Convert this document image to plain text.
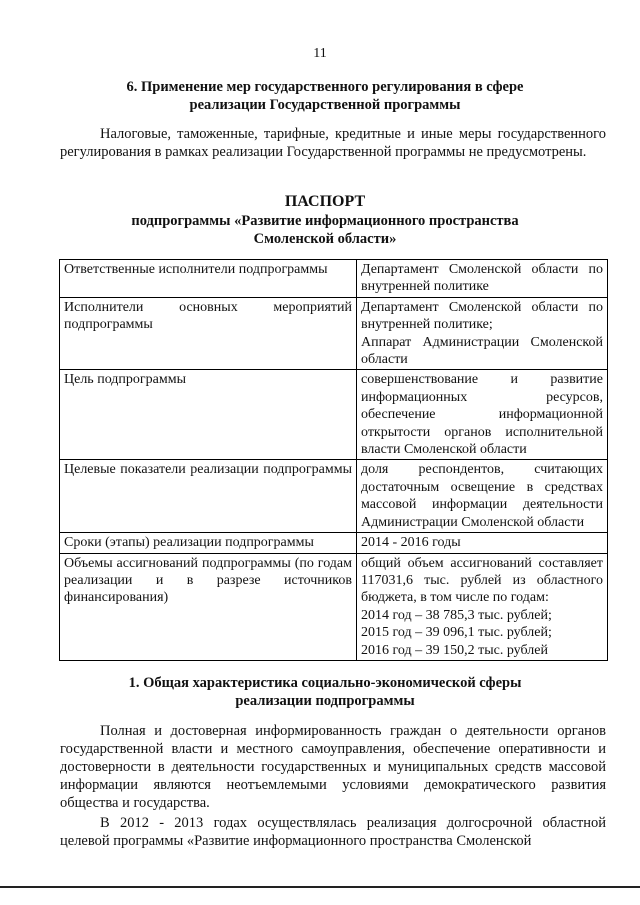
11
6. Применение мер государственного регулирования в сфере
реализации Государственной программы

Налоговые, таможенные, тарифные, кредитные и иные меры государственного регулирования в рамках реализации Государственной программы не предусмотрены.

ПАСПОРТ
подпрограммы «Развитие информационного пространства
Смоленской области»
Ответственные исполнители подпрограммы	Департамент Смоленской области по внутренней политике

Исполнители основных мероприятий подпрограммы	Департамент Смоленской области по внутренней политике;
Аппарат Администрации Смоленской области

Цель подпрограммы	совершенствование и развитие информационных ресурсов, обеспечение информационной открытости органов исполнительной власти Смоленской области

Целевые показатели реализации подпрограммы	доля респондентов, считающих достаточным освещение в средствах массовой информации деятельности Администрации Смоленской области

Сроки (этапы) реализации подпрограммы	2014 - 2016 годы

Объемы ассигнований подпрограммы (по годам реализации и в разрезе источников финансирования)	общий объем ассигнований составляет 117031,6 тыс. рублей из областного бюджета, в том числе по годам:
2014 год – 38 785,3 тыс. рублей;
2015 год – 39 096,1 тыс. рублей;
2016 год – 39 150,2 тыс. рублей
1. Общая характеристика социально-экономической сферы
реализации подпрограммы

Полная и достоверная информированность граждан о деятельности органов государственной власти и местного самоуправления, обеспечение оперативности и достоверности в деятельности государственных и муниципальных средств массовой информации являются неотъемлемыми условиями демократического развития общества и государства.

В 2012 - 2013 годах осуществлялась реализация долгосрочной областной целевой программы «Развитие информационного пространства Смоленской
